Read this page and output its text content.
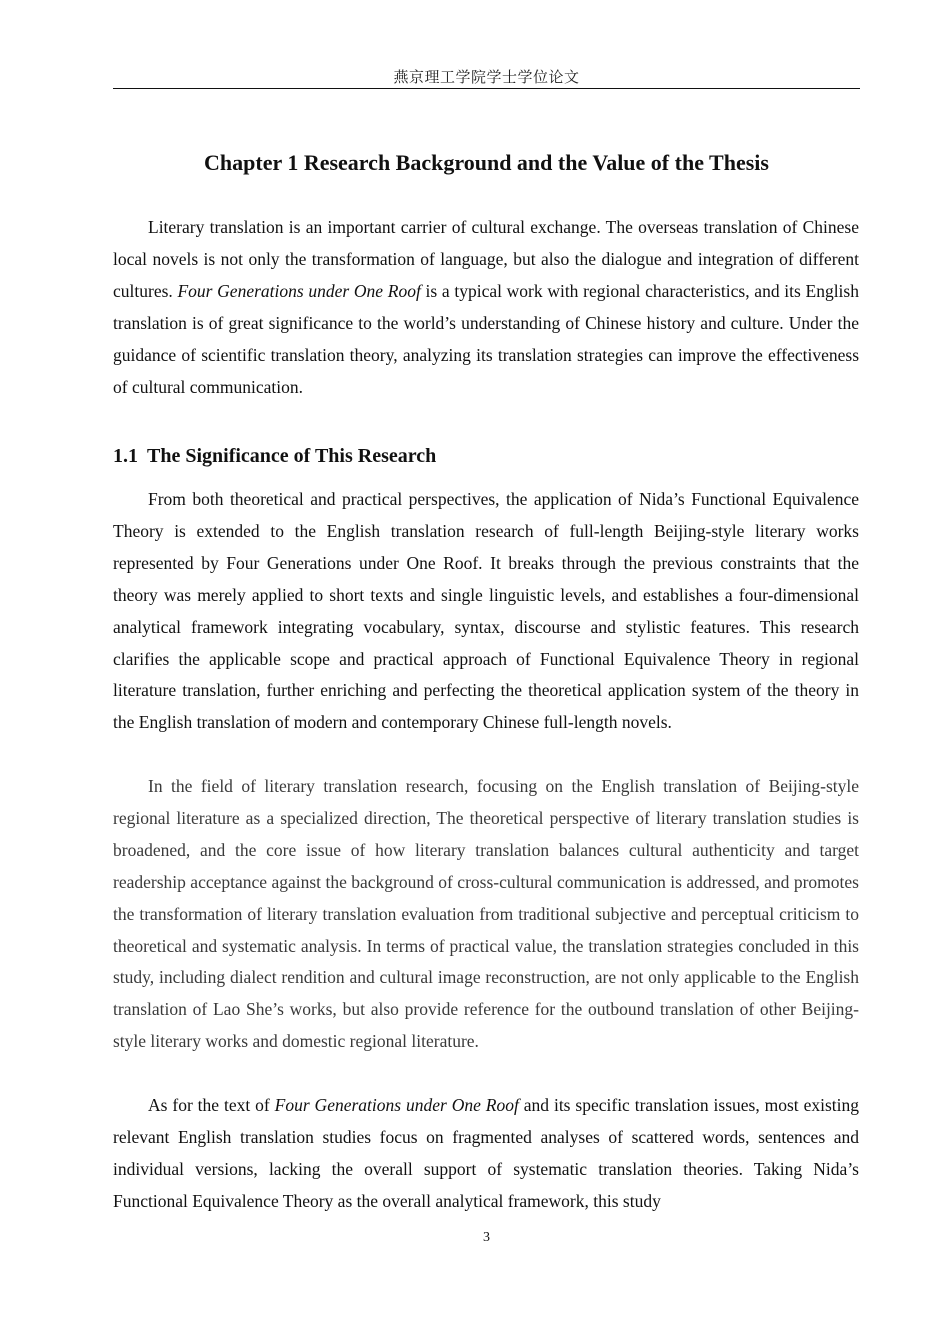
燕京理工学院学士学位论文
Chapter 1 Research Background and the Value of the Thesis

Literary translation is an important carrier of cultural exchange. The overseas translation of Chinese local novels is not only the transformation of language, but also the dialogue and integration of different cultures. Four Generations under One Roof is a typical work with regional characteristics, and its English translation is of great significance to the world’s understanding of Chinese history and culture. Under the guidance of scientific translation theory, analyzing its translation strategies can improve the effectiveness of cultural communication.

1.1 The Significance of This Research

From both theoretical and practical perspectives, the application of Nida’s Functional Equivalence Theory is extended to the English translation research of full-length Beijing-style literary works represented by Four Generations under One Roof. It breaks through the previous constraints that the theory was merely applied to short texts and single linguistic levels, and establishes a four-dimensional analytical framework integrating vocabulary, syntax, discourse and stylistic features. This research clarifies the applicable scope and practical approach of Functional Equivalence Theory in regional literature translation, further enriching and perfecting the theoretical application system of the theory in the English translation of modern and contemporary Chinese full-length novels.

In the field of literary translation research, focusing on the English translation of Beijing-style regional literature as a specialized direction, The theoretical perspective of literary translation studies is broadened, and the core issue of how literary translation balances cultural authenticity and target readership acceptance against the background of cross-cultural communication is addressed, and promotes the transformation of literary translation evaluation from traditional subjective and perceptual criticism to theoretical and systematic analysis. In terms of practical value, the translation strategies concluded in this study, including dialect rendition and cultural image reconstruction, are not only applicable to the English translation of Lao She’s works, but also provide reference for the outbound translation of other Beijing-style literary works and domestic regional literature.

As for the text of Four Generations under One Roof and its specific translation issues, most existing relevant English translation studies focus on fragmented analyses of scattered words, sentences and individual versions, lacking the overall support of systematic translation theories. Taking Nida’s Functional Equivalence Theory as the overall analytical framework, this study

3
